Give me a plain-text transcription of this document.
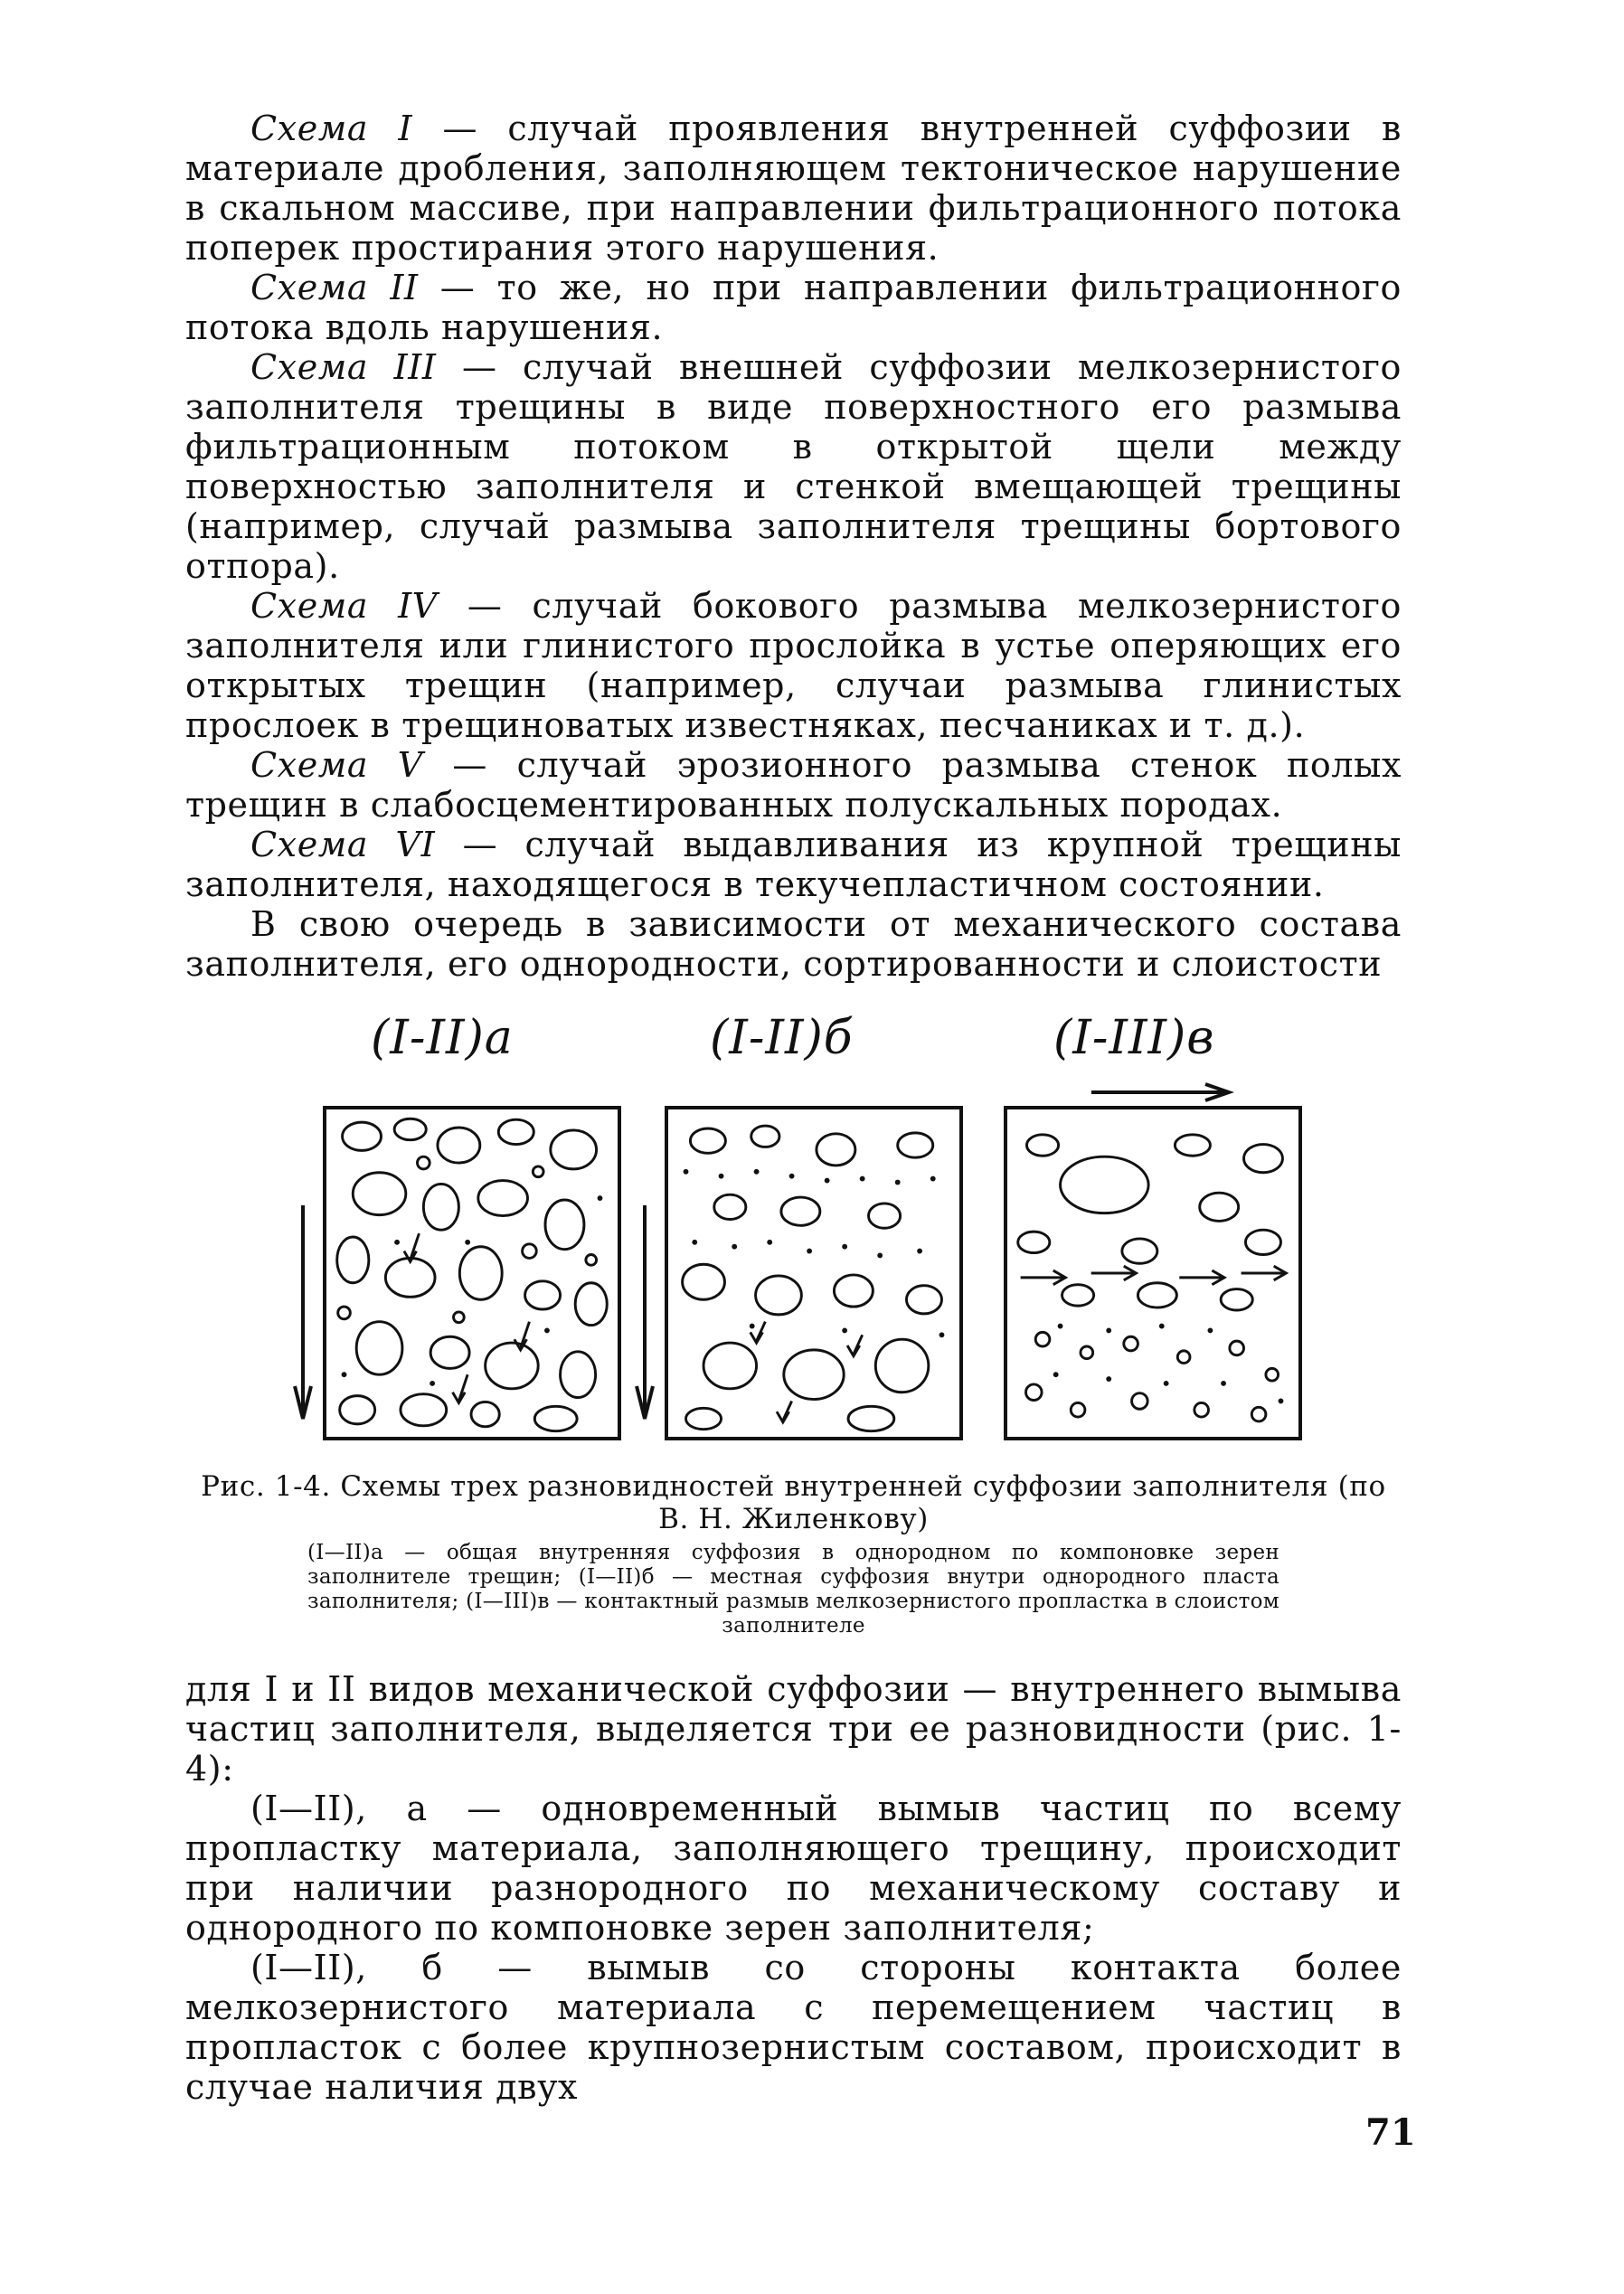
Схема I — случай проявления внутренней суффозии в материале дробления, заполняющем тектоническое нарушение в скальном массиве, при направлении фильтрационного потока поперек простирания этого нарушения.

Схема II — то же, но при направлении фильтрационного потока вдоль нарушения.

Схема III — случай внешней суффозии мелкозернистого заполнителя трещины в виде поверхностного его размыва фильтрационным потоком в открытой щели между поверхностью заполнителя и стенкой вмещающей трещины (например, случай размыва заполнителя трещины бортового отпора).

Схема IV — случай бокового размыва мелкозернистого заполнителя или глинистого прослойка в устье оперяющих его открытых трещин (например, случаи размыва глинистых прослоек в трещиноватых известняках, песчаниках и т. д.).

Схема V — случай эрозионного размыва стенок полых трещин в слабосцементированных полускальных породах.

Схема VI — случай выдавливания из крупной трещины заполнителя, находящегося в текучепластичном состоянии.

В свою очередь в зависимости от механического состава заполнителя, его однородности, сортированности и слоистости

(I-II)a	(I-II)б	(I-III)в
Рис. 1-4. Схемы трех разновидностей внутренней суффозии заполнителя (по В. Н. Жиленкову)
(I—II)а — общая внутренняя суффозия в однородном по компоновке зерен заполнителе трещин; (I—II)б — местная суффозия внутри однородного пласта заполнителя; (I—III)в — контактный размыв мелкозернистого пропластка в слоистом заполнителе

для I и II видов механической суффозии — внутреннего вымыва частиц заполнителя, выделяется три ее разновидности (рис. 1-4):

(I—II), а — одновременный вымыв частиц по всему пропластку материала, заполняющего трещину, происходит при наличии разнородного по механическому составу и однородного по компоновке зерен заполнителя;

(I—II), б — вымыв со стороны контакта более мелкозернистого материала с перемещением частиц в пропласток с более крупнозернистым составом, происходит в случае наличия двух

71
